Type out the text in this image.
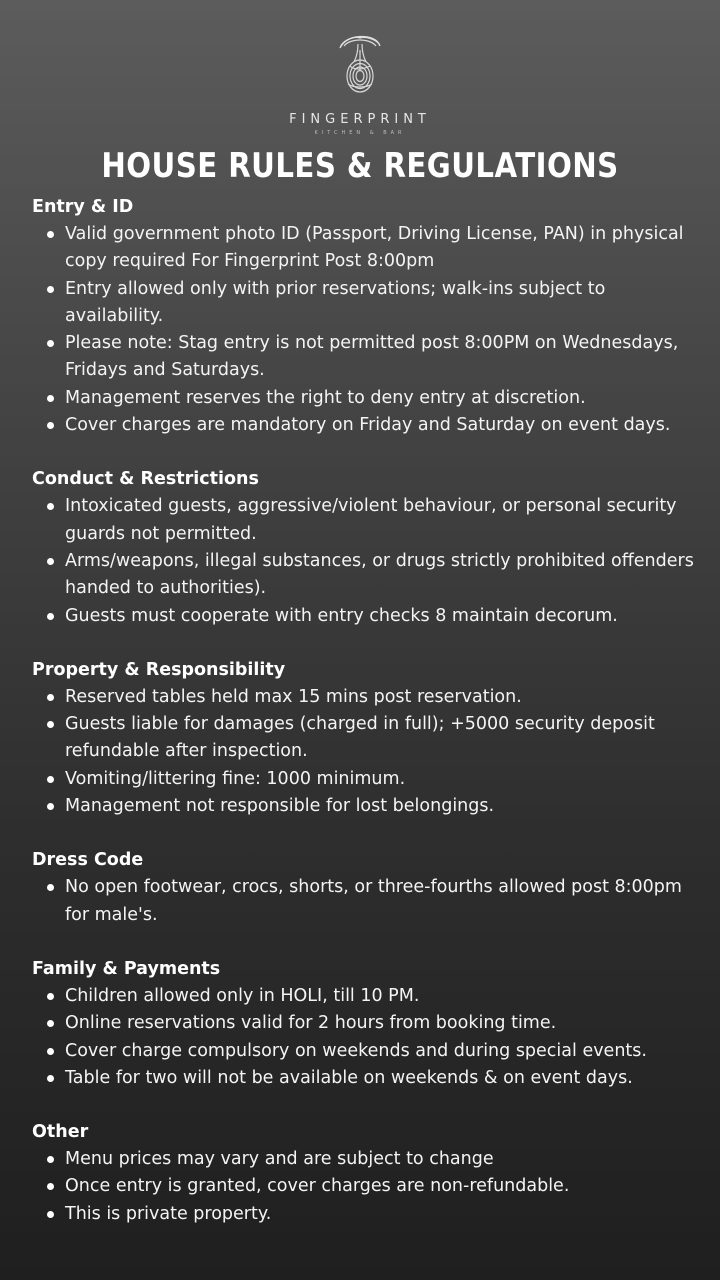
FINGERPRINT
KITCHEN & BAR
HOUSE RULES & REGULATIONS
Entry & ID
Valid government photo ID (Passport, Driving License, PAN) in physical copy required For Fingerprint Post 8:00pm
Entry allowed only with prior reservations; walk-ins subject to availability.
Please note: Stag entry is not permitted post 8:00PM on Wednesdays, Fridays and Saturdays.
Management reserves the right to deny entry at discretion.
Cover charges are mandatory on Friday and Saturday on event days.
Conduct & Restrictions
Intoxicated guests, aggressive/violent behaviour, or personal security guards not permitted.
Arms/weapons, illegal substances, or drugs strictly prohibited offenders handed to authorities).
Guests must cooperate with entry checks 8 maintain decorum.
Property & Responsibility
Reserved tables held max 15 mins post reservation.
Guests liable for damages (charged in full); +5000 security deposit refundable after inspection.
Vomiting/littering fine: 1000 minimum.
Management not responsible for lost belongings.
Dress Code
No open footwear, crocs, shorts, or three-fourths allowed post 8:00pm for male's.
Family & Payments
Children allowed only in HOLI, till 10 PM.
Online reservations valid for 2 hours from booking time.
Cover charge compulsory on weekends and during special events.
Table for two will not be available on weekends & on event days.
Other
Menu prices may vary and are subject to change
Once entry is granted, cover charges are non-refundable.
This is private property.
